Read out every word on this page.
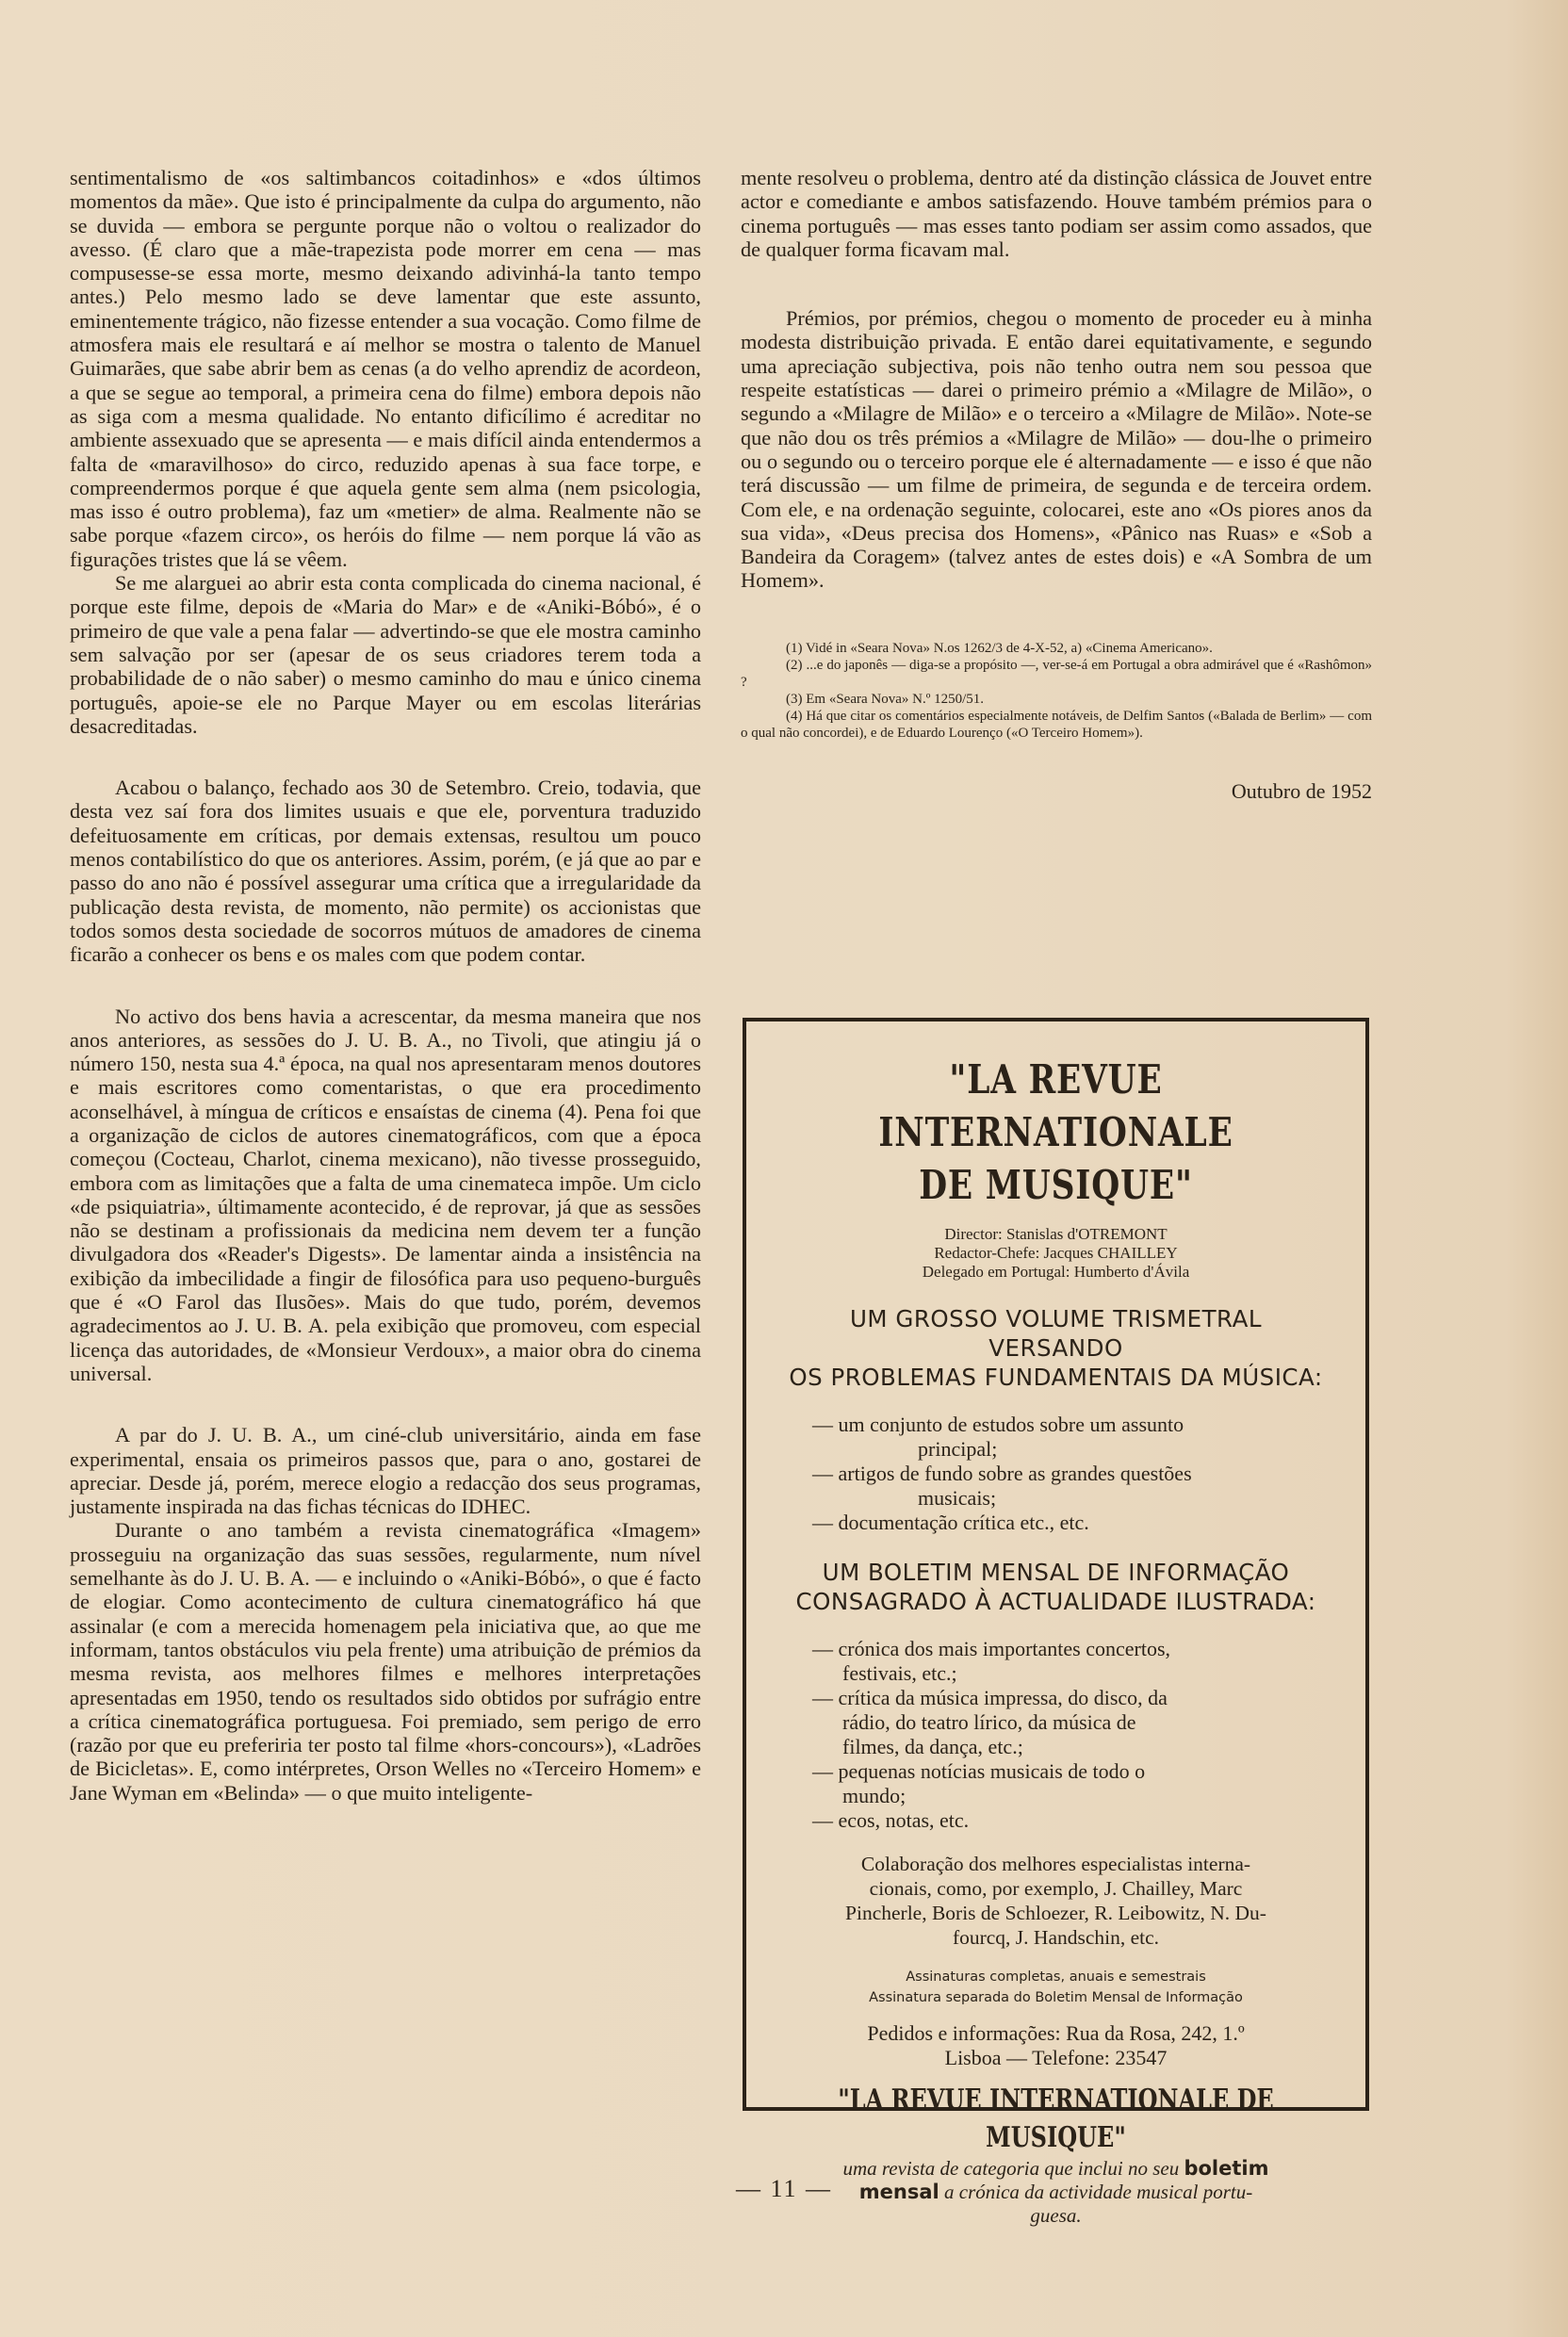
sentimentalismo de «os saltimbancos coitadinhos» e «dos últimos momentos da mãe». Que isto é principalmente da culpa do argumento, não se duvida — embora se pergunte porque não o voltou o realizador do avesso. (É claro que a mãe-trapezista pode morrer em cena — mas compusesse-se essa morte, mesmo deixando adivinhá-la tanto tempo antes.) Pelo mesmo lado se deve lamentar que este assunto, eminentemente trágico, não fizesse entender a sua vocação. Como filme de atmosfera mais ele resultará e aí melhor se mostra o talento de Manuel Guimarães, que sabe abrir bem as cenas (a do velho aprendiz de acordeon, a que se segue ao temporal, a primeira cena do filme) embora depois não as siga com a mesma qualidade. No entanto dificílimo é acreditar no ambiente assexuado que se apresenta — e mais difícil ainda entendermos a falta de «maravilhoso» do circo, reduzido apenas à sua face torpe, e compreendermos porque é que aquela gente sem alma (nem psicologia, mas isso é outro problema), faz um «metier» de alma. Realmente não se sabe porque «fazem circo», os heróis do filme — nem porque lá vão as figurações tristes que lá se vêem.

Se me alarguei ao abrir esta conta complicada do cinema nacional, é porque este filme, depois de «Maria do Mar» e de «Aniki-Bóbó», é o primeiro de que vale a pena falar — advertindo-se que ele mostra caminho sem salvação por ser (apesar de os seus criadores terem toda a probabilidade de o não saber) o mesmo caminho do mau e único cinema português, apoie-se ele no Parque Mayer ou em escolas literárias desacreditadas.

Acabou o balanço, fechado aos 30 de Setembro. Creio, todavia, que desta vez saí fora dos limites usuais e que ele, porventura traduzido defeituosamente em críticas, por demais extensas, resultou um pouco menos contabilístico do que os anteriores. Assim, porém, (e já que ao par e passo do ano não é possível assegurar uma crítica que a irregularidade da publicação desta revista, de momento, não permite) os accionistas que todos somos desta sociedade de socorros mútuos de amadores de cinema ficarão a conhecer os bens e os males com que podem contar.

No activo dos bens havia a acrescentar, da mesma maneira que nos anos anteriores, as sessões do J. U. B. A., no Tivoli, que atingiu já o número 150, nesta sua 4.ª época, na qual nos apresentaram menos doutores e mais escritores como comentaristas, o que era procedimento aconselhável, à míngua de críticos e ensaístas de cinema (4). Pena foi que a organização de ciclos de autores cinematográficos, com que a época começou (Cocteau, Charlot, cinema mexicano), não tivesse prosseguido, embora com as limitações que a falta de uma cinemateca impõe. Um ciclo «de psiquiatria», últimamente acontecido, é de reprovar, já que as sessões não se destinam a profissionais da medicina nem devem ter a função divulgadora dos «Reader's Digests». De lamentar ainda a insistência na exibição da imbecilidade a fingir de filosófica para uso pequeno-burguês que é «O Farol das Ilusões». Mais do que tudo, porém, devemos agradecimentos ao J. U. B. A. pela exibição que promoveu, com especial licença das autoridades, de «Monsieur Verdoux», a maior obra do cinema universal.

A par do J. U. B. A., um ciné-club universitário, ainda em fase experimental, ensaia os primeiros passos que, para o ano, gostarei de apreciar. Desde já, porém, merece elogio a redacção dos seus programas, justamente inspirada na das fichas técnicas do IDHEC.

Durante o ano também a revista cinematográfica «Imagem» prosseguiu na organização das suas sessões, regularmente, num nível semelhante às do J. U. B. A. — e incluindo o «Aniki-Bóbó», o que é facto de elogiar. Como acontecimento de cultura cinematográfico há que assinalar (e com a merecida homenagem pela iniciativa que, ao que me informam, tantos obstáculos viu pela frente) uma atribuição de prémios da mesma revista, aos melhores filmes e melhores interpretações apresentadas em 1950, tendo os resultados sido obtidos por sufrágio entre a crítica cinematográfica portuguesa. Foi premiado, sem perigo de erro (razão por que eu preferiria ter posto tal filme «hors-concours»), «Ladrões de Bicicletas». E, como intérpretes, Orson Welles no «Terceiro Homem» e Jane Wyman em «Belinda» — o que muito inteligente-

mente resolveu o problema, dentro até da distinção clássica de Jouvet entre actor e comediante e ambos satisfazendo. Houve também prémios para o cinema português — mas esses tanto podiam ser assim como assados, que de qualquer forma ficavam mal.

Prémios, por prémios, chegou o momento de proceder eu à minha modesta distribuição privada. E então darei equitativamente, e segundo uma apreciação subjectiva, pois não tenho outra nem sou pessoa que respeite estatísticas — darei o primeiro prémio a «Milagre de Milão», o segundo a «Milagre de Milão» e o terceiro a «Milagre de Milão». Note-se que não dou os três prémios a «Milagre de Milão» — dou-lhe o primeiro ou o segundo ou o terceiro porque ele é alternadamente — e isso é que não terá discussão — um filme de primeira, de segunda e de terceira ordem. Com ele, e na ordenação seguinte, colocarei, este ano «Os piores anos da sua vida», «Deus precisa dos Homens», «Pânico nas Ruas» e «Sob a Bandeira da Coragem» (talvez antes de estes dois) e «A Sombra de um Homem».

(1) Vidé in «Seara Nova» N.os 1262/3 de 4-X-52, a) «Cinema Americano».

(2) ...e do japonês — diga-se a propósito —, ver-se-á em Portugal a obra admirável que é «Rashômon» ?

(3) Em «Seara Nova» N.º 1250/51.

(4) Há que citar os comentários especialmente notáveis, de Delfim Santos («Balada de Berlim» — com o qual não concordei), e de Eduardo Lourenço («O Terceiro Homem»).

Outubro de 1952
"LA REVUE INTERNATIONALE
DE MUSIQUE"
Director: Stanislas d'OTREMONT
Redactor-Chefe: Jacques CHAILLEY
Delegado em Portugal: Humberto d'Ávila
UM GROSSO VOLUME TRISMETRAL VERSANDO
OS PROBLEMAS FUNDAMENTAIS DA MÚSICA:
— um conjunto de estudos sobre um assunto
principal;
— artigos de fundo sobre as grandes questões
musicais;
— documentação crítica etc., etc.
UM BOLETIM MENSAL DE INFORMAÇÃO
CONSAGRADO À ACTUALIDADE ILUSTRADA:
— crónica dos mais importantes concertos,
festivais, etc.;
— crítica da música impressa, do disco, da
rádio, do teatro lírico, da música de
filmes, da dança, etc.;
— pequenas notícias musicais de todo o
mundo;
— ecos, notas, etc.
Colaboração dos melhores especialistas interna-
cionais, como, por exemplo, J. Chailley, Marc
Pincherle, Boris de Schloezer, R. Leibowitz, N. Du-
fourcq, J. Handschin, etc.
Assinaturas completas, anuais e semestrais
Assinatura separada do Boletim Mensal de Informação
Pedidos e informações: Rua da Rosa, 242, 1.º
Lisboa — Telefone: 23547
"LA REVUE INTERNATIONALE DE MUSIQUE"
uma revista de categoria que inclui no seu boletim
mensal a crónica da actividade musical portu-
guesa.
— 11 —
